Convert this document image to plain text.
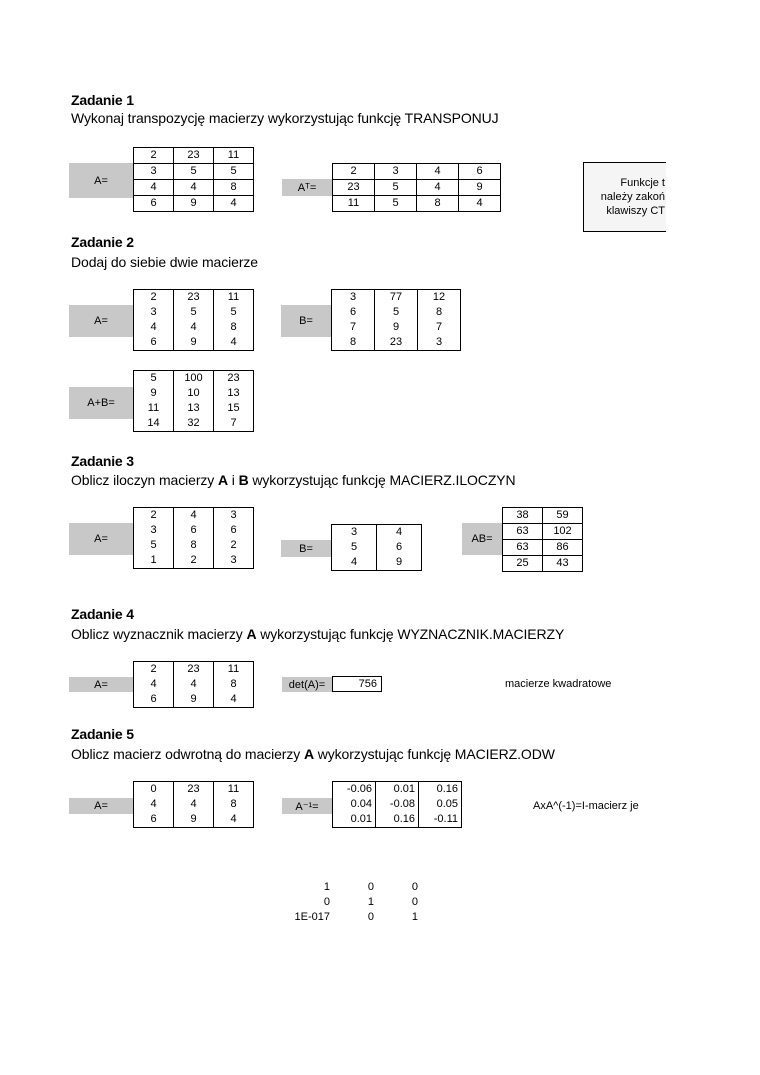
Zadanie 1
Wykonaj transpozycję macierzy wykorzystując funkcję TRANSPONUJ
A=
2	23	11
3	5	5
4	4	8
6	9	4
Aᵀ=
2	3	4	6
23	5	4	9
11	5	8	4
Funkcje t
należy zakoń
klawiszy CT
Zadanie 2
Dodaj do siebie dwie macierze
A=
2	23	11
3	5	5
4	4	8
6	9	4
B=
3	77	12
6	5	8
7	9	7
8	23	3
A+B=
5	100	23
9	10	13
11	13	15
14	32	7
Zadanie 3
Oblicz iloczyn macierzy A i B wykorzystując funkcję MACIERZ.ILOCZYN
A=
2	4	3
3	6	6
5	8	2
1	2	3
B=
3	4
5	6
4	9
AB=
38	59
63	102
63	86
25	43
Zadanie 4
Oblicz wyznacznik macierzy A wykorzystując funkcję WYZNACZNIK.MACIERZY
A=
2	23	11
4	4	8
6	9	4
det(A)=	756	macierze kwadratowe
Zadanie 5
Oblicz macierz odwrotną do macierzy A wykorzystując funkcję MACIERZ.ODW
A=
0	23	11
4	4	8
6	9	4
A⁻¹=
-0.06	0.01	0.16
0.04	-0.08	0.05
0.01	0.16	-0.11
AxA^(-1)=I-macierz je
1	0	0
0	1	0
1E-017	0	1
